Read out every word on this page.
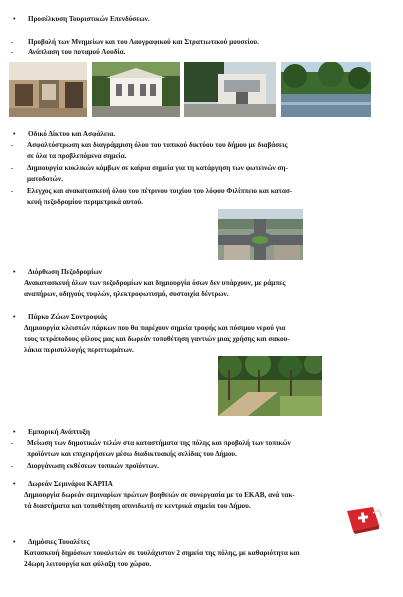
• Προσέλκυση Τουριστικών Επενδύσεων.
- Προβολή των Μνημείων και του Λαογραφικού και Στρατιωτικού μουσείου.
- Ανάπλαση του ποταμού Λουδία.
• Οδικό Δίκτυο και Ασφάλεια.
- Ασφαλτόστρωση και διαγράμμιση όλου του τοπικού δικτύου του δήμου με διαβάσεις
σε όλα τα προβλεπόμενα σημεία.
- Δημιουργία κυκλικών κόμβων σε καίρια σημεία για τη κατάργηση των φωτεινών ση-
ματοδοτών.
- Ελεγχος και ανακατασκευή όλου του πέτρινου τοιχίου του λόφου Φιλίππειο και κατασ-
κευή πεζοδρομίου περιμετρικά αυτού.
• Διόρθωση Πεζοδρομίων
Ανακατασκευή όλων των πεζοδρομίων και δημιουργία όσων δεν υπάρχουν, με ράμπες
αναπήρων, οδηγούς τυφλών, ηλεκτροφωτισμό, συστοιχία δέντρων.
• Πάρκο Ζώων Συντροφιάς
Δημιουργία κλειστών πάρκων που θα παρέχουν σημεία τροφής και πόσιμου νερού για
τους τετράποδους φίλους μας και δωρεάν τοποθέτηση γαντιών μιας χρήσης και σακου-
λάκια περισυλλογής περιττωμάτων.
• Εμπορική Ανάπτυξη
- Μείωση των δημοτικών τελών στα καταστήματα της πόλης και προβολή των τοπικών
προϊόντων και επιχειρήσεων μέσω διαδικτυακής σελίδας του Δήμου.
- Διοργάνωση εκθέσεων τοπικών προϊόντων.
• Δωρεάν Σεμινάρια ΚΑΡΠΑ
Δημιουργία δωρεάν σεμιναρίων πρώτων βοηθειών σε συνεργασία με το ΕΚΑΒ, ανά τακ-
τά διαστήματα και τοποθέτηση απινιδωτή σε κεντρικά σημεία του Δήμου.
• Δημόσιες Τουαλέτες
Κατασκευή δημόσιων τουαλετών σε τουλάχιστον 2 σημεία της πόλης, με καθαριότητα και
24ωρη λειτουργία και φύλαξη του χώρου.
